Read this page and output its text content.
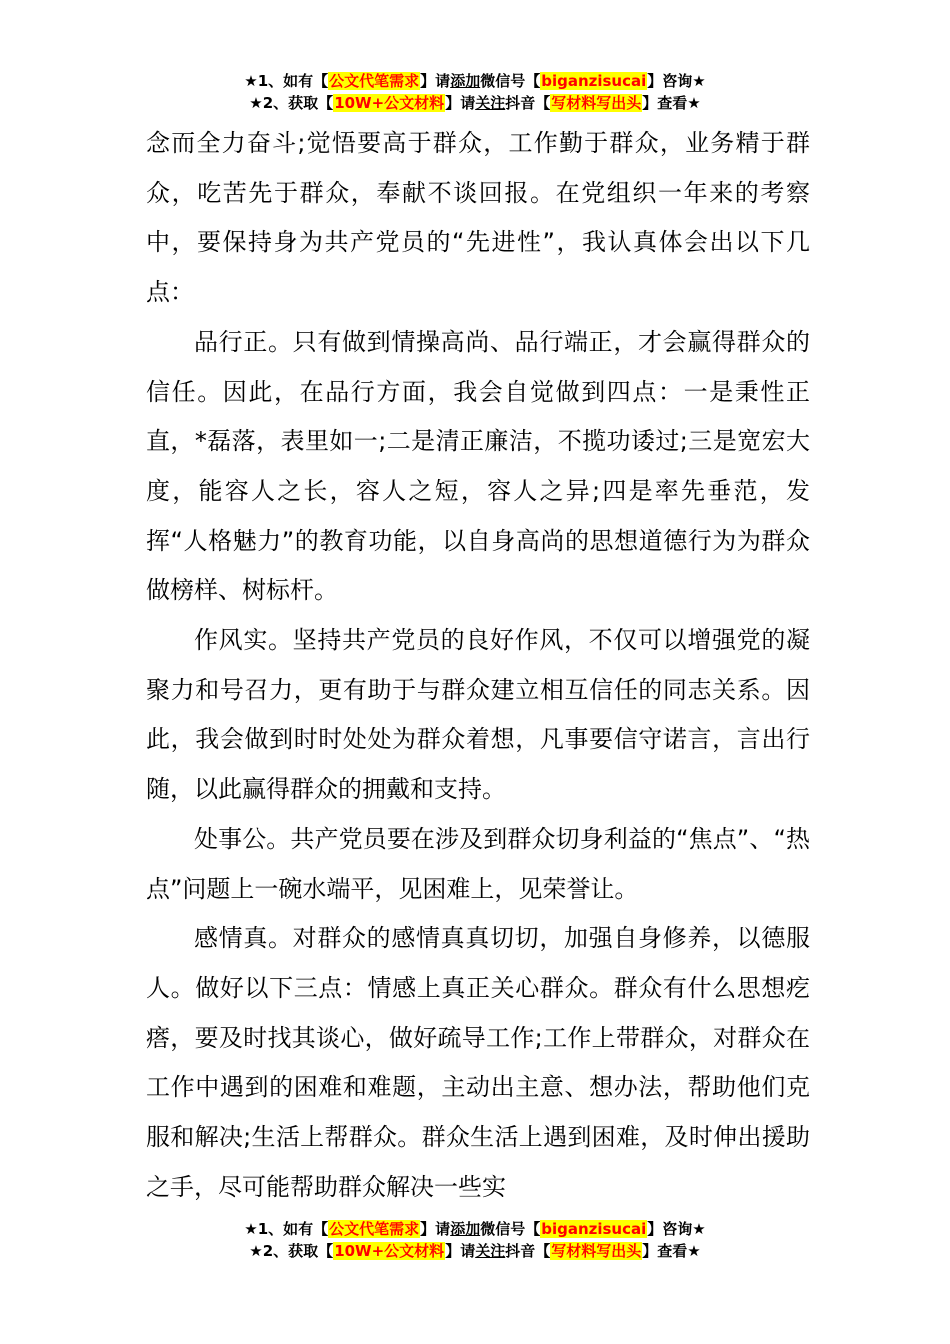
★1、如有【公文代笔需求】请添加微信号【biganzisucai】咨询★
★2、获取【10W+公文材料】请关注抖音【写材料写出头】查看★

念而全力奋斗;觉悟要高于群众，工作勤于群众，业务精于群众，吃苦先于群众，奉献不谈回报。在党组织一年来的考察中，要保持身为共产党员的“先进性”，我认真体会出以下几点：

品行正。只有做到情操高尚、品行端正，才会赢得群众的信任。因此，在品行方面，我会自觉做到四点：一是秉性正直，*磊落，表里如一;二是清正廉洁，不揽功诿过;三是宽宏大度，能容人之长，容人之短，容人之异;四是率先垂范，发挥“人格魅力”的教育功能，以自身高尚的思想道德行为为群众做榜样、树标杆。

作风实。坚持共产党员的良好作风，不仅可以增强党的凝聚力和号召力，更有助于与群众建立相互信任的同志关系。因此，我会做到时时处处为群众着想，凡事要信守诺言，言出行随，以此赢得群众的拥戴和支持。

处事公。共产党员要在涉及到群众切身利益的“焦点”、“热点”问题上一碗水端平，见困难上，见荣誉让。

感情真。对群众的感情真真切切，加强自身修养，以德服人。做好以下三点：情感上真正关心群众。群众有什么思想疙瘩，要及时找其谈心，做好疏导工作;工作上带群众，对群众在工作中遇到的困难和难题，主动出主意、想办法，帮助他们克服和解决;生活上帮群众。群众生活上遇到困难，及时伸出援助之手，尽可能帮助群众解决一些实

★1、如有【公文代笔需求】请添加微信号【biganzisucai】咨询★
★2、获取【10W+公文材料】请关注抖音【写材料写出头】查看★
